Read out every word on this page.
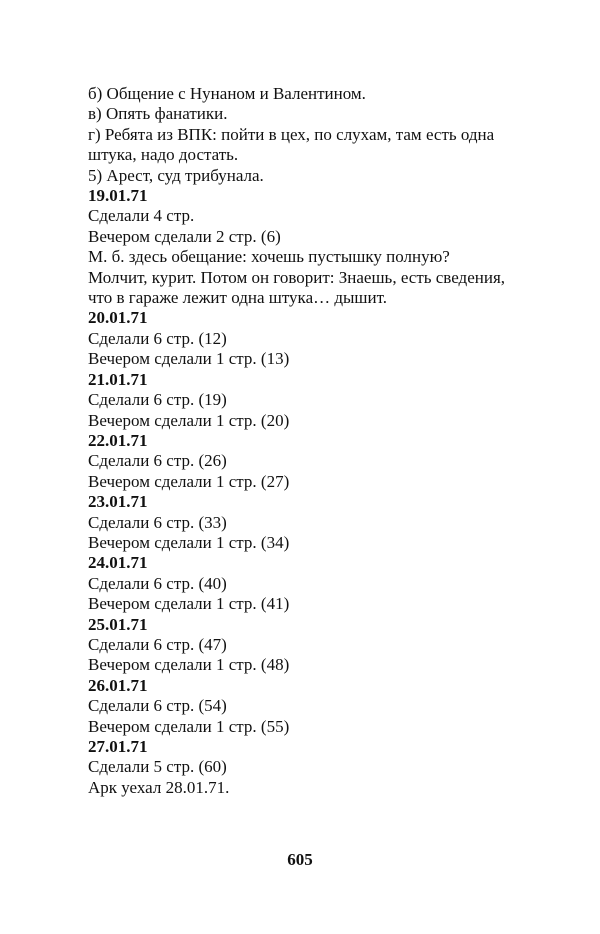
б) Общение с Нунаном и Валентином.

в) Опять фанатики.

г) Ребята из ВПК: пойти в цех, по слухам, там есть одна

штука, надо достать.

5) Арест, суд трибунала.

19.01.71

Сделали 4 стр.

Вечером сделали 2 стр. (6)

М. б. здесь обещание: хочешь пустышку полную?

Молчит, курит. Потом он говорит: Знаешь, есть сведения,

что в гараже лежит одна штука… дышит.

20.01.71

Сделали 6 стр. (12)

Вечером сделали 1 стр. (13)

21.01.71

Сделали 6 стр. (19)

Вечером сделали 1 стр. (20)

22.01.71

Сделали 6 стр. (26)

Вечером сделали 1 стр. (27)

23.01.71

Сделали 6 стр. (33)

Вечером сделали 1 стр. (34)

24.01.71

Сделали 6 стр. (40)

Вечером сделали 1 стр. (41)

25.01.71

Сделали 6 стр. (47)

Вечером сделали 1 стр. (48)

26.01.71

Сделали 6 стр. (54)

Вечером сделали 1 стр. (55)

27.01.71

Сделали 5 стр. (60)

Арк уехал 28.01.71.

605
